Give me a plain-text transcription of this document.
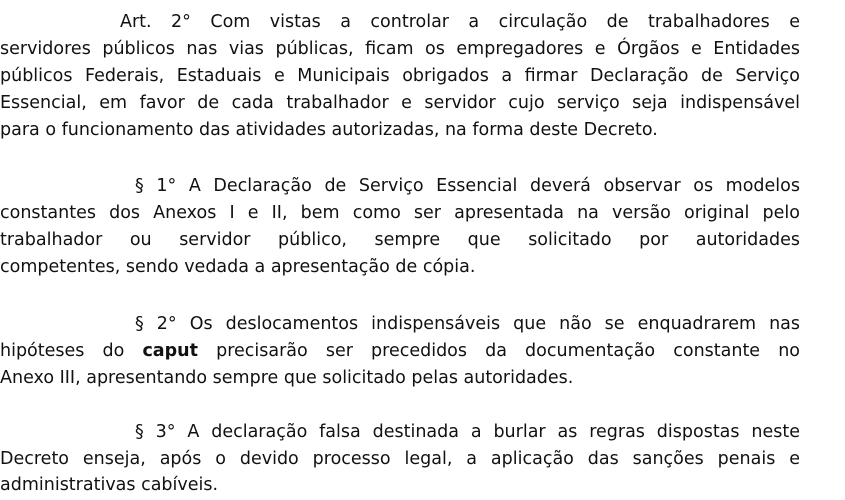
Art. 2° Com vistas a controlar a circulação de trabalhadores e
servidores públicos nas vias públicas, ficam os empregadores e Órgãos e Entidades
públicos Federais, Estaduais e Municipais obrigados a firmar Declaração de Serviço
Essencial, em favor de cada trabalhador e servidor cujo serviço seja indispensável
para o funcionamento das atividades autorizadas, na forma deste Decreto.
§ 1° A Declaração de Serviço Essencial deverá observar os modelos
constantes dos Anexos I e II, bem como ser apresentada na versão original pelo
trabalhador ou servidor público, sempre que solicitado por autoridades
competentes, sendo vedada a apresentação de cópia.
§ 2° Os deslocamentos indispensáveis que não se enquadrarem nas
hipóteses do caput precisarão ser precedidos da documentação constante no
Anexo III, apresentando sempre que solicitado pelas autoridades.
§ 3° A declaração falsa destinada a burlar as regras dispostas neste
Decreto enseja, após o devido processo legal, a aplicação das sanções penais e
administrativas cabíveis.
